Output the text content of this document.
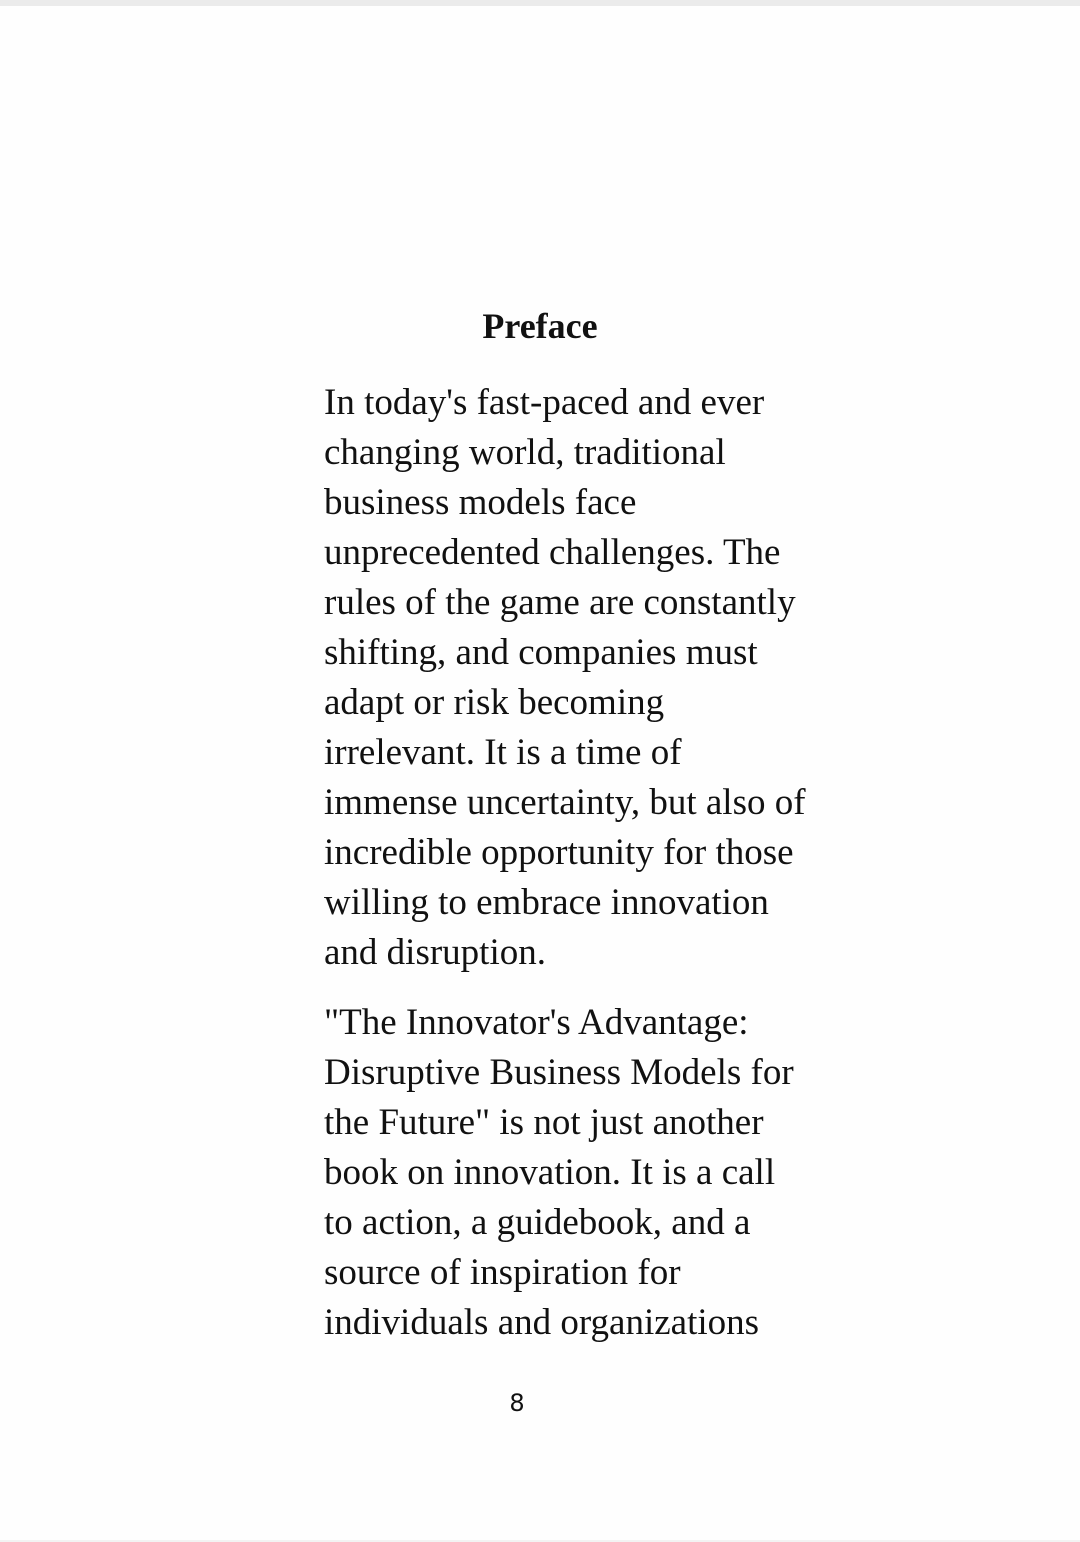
Preface

In today's fast-paced and ever
changing world, traditional
business models face
unprecedented challenges. The
rules of the game are constantly
shifting, and companies must
adapt or risk becoming
irrelevant. It is a time of
immense uncertainty, but also of
incredible opportunity for those
willing to embrace innovation
and disruption.

"The Innovator's Advantage:
Disruptive Business Models for
the Future" is not just another
book on innovation. It is a call
to action, a guidebook, and a
source of inspiration for
individuals and organizations

8
